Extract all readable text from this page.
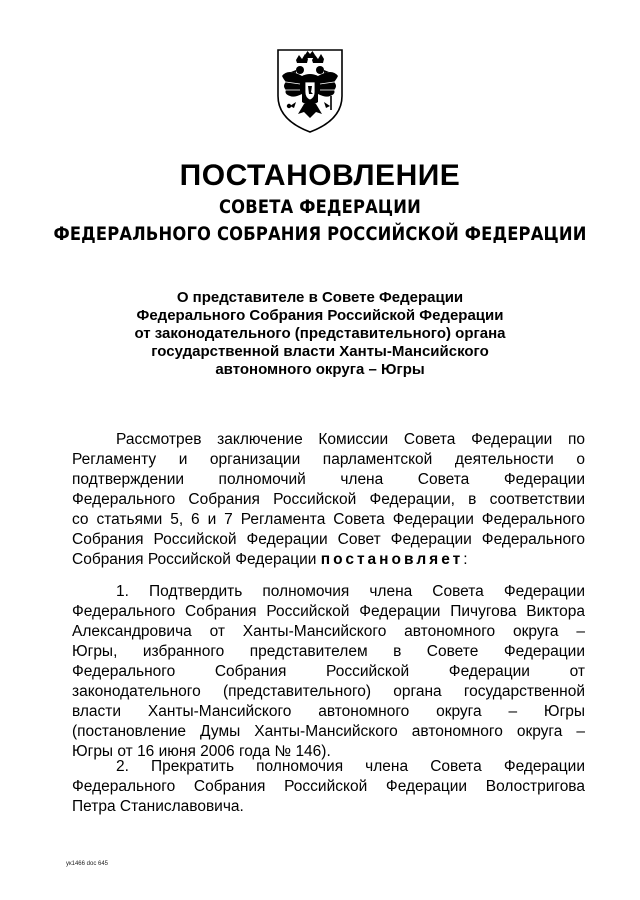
ПОСТАНОВЛЕНИЕ
СОВЕТА ФЕДЕРАЦИИ
ФЕДЕРАЛЬНОГО СОБРАНИЯ РОССИЙСКОЙ ФЕДЕРАЦИИ
О представителе в Совете Федерации
Федерального Собрания Российской Федерации
от законодательного (представительного) органа
государственной власти Ханты-Мансийского
автономного округа – Югры
Рассмотрев заключение Комиссии Совета Федерации по
Регламенту и организации парламентской деятельности о
подтверждении полномочий члена Совета Федерации
Федерального Собрания Российской Федерации, в соответствии
со статьями 5, 6 и 7 Регламента Совета Федерации Федерального
Собрания Российской Федерации Совет Федерации Федерального
Собрания Российской Федерации постановляет:
1. Подтвердить полномочия члена Совета Федерации
Федерального Собрания Российской Федерации Пичугова Виктора
Александровича от Ханты-Мансийского автономного округа –
Югры, избранного представителем в Совете Федерации
Федерального Собрания Российской Федерации от
законодательного (представительного) органа государственной
власти Ханты-Мансийского автономного округа – Югры
(постановление Думы Ханты-Мансийского автономного округа –
Югры от 16 июня 2006 года № 146).
2. Прекратить полномочия члена Совета Федерации
Федерального Собрания Российской Федерации Волостригова
Петра Станиславовича.
ук1466 doc 645
